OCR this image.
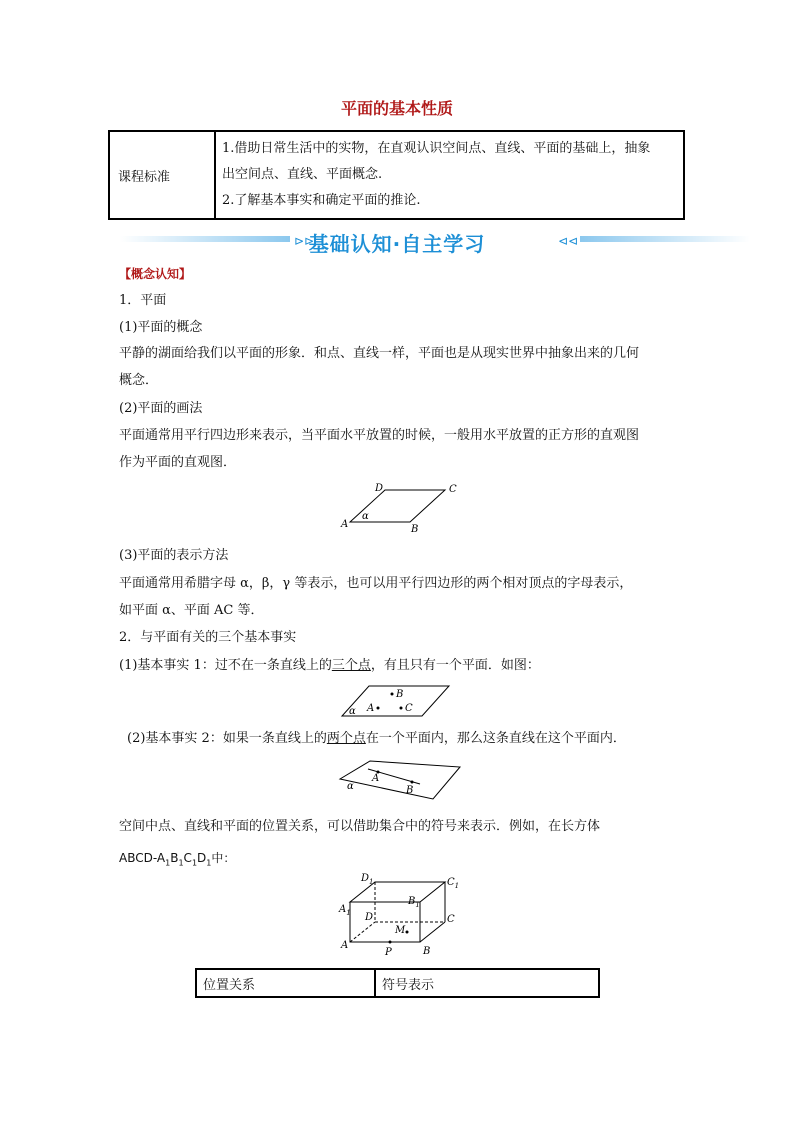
平面的基本性质
课程标准	
1.借助日常生活中的实物，在直观认识空间点、直线、平面的基础上，抽象
出空间点、直线、平面概念.
2.了解基本事实和确定平面的推论.
⊳⊳	⊲⊲
基础认知·自主学习
【概念认知】
1．平面
(1)平面的概念
平静的湖面给我们以平面的形象．和点、直线一样，平面也是从现实世界中抽象出来的几何
概念．
(2)平面的画法
平面通常用平行四边形来表示，当平面水平放置的时候，一般用水平放置的正方形的直观图
作为平面的直观图．
A	B
C
D
α
(3)平面的表示方法
平面通常用希腊字母 α，β，γ 等表示，也可以用平行四边形的两个相对顶点的字母表示，
如平面 α、平面 AC 等．
2．与平面有关的三个基本事实
(1)基本事实 1：过不在一条直线上的三个点，有且只有一个平面．如图：
α
B
A	C
(2)基本事实 2：如果一条直线上的两个点在一个平面内，那么这条直线在这个平面内．
A
B
α
空间中点、直线和平面的位置关系，可以借助集合中的符号来表示．例如，在长方体
ABCD-$A_1B_1C_1D_1$中：
$D_1$	$C_1$
$A_1$
$B_1$
D	C
M
A
P	B
位置关系	符号表示
